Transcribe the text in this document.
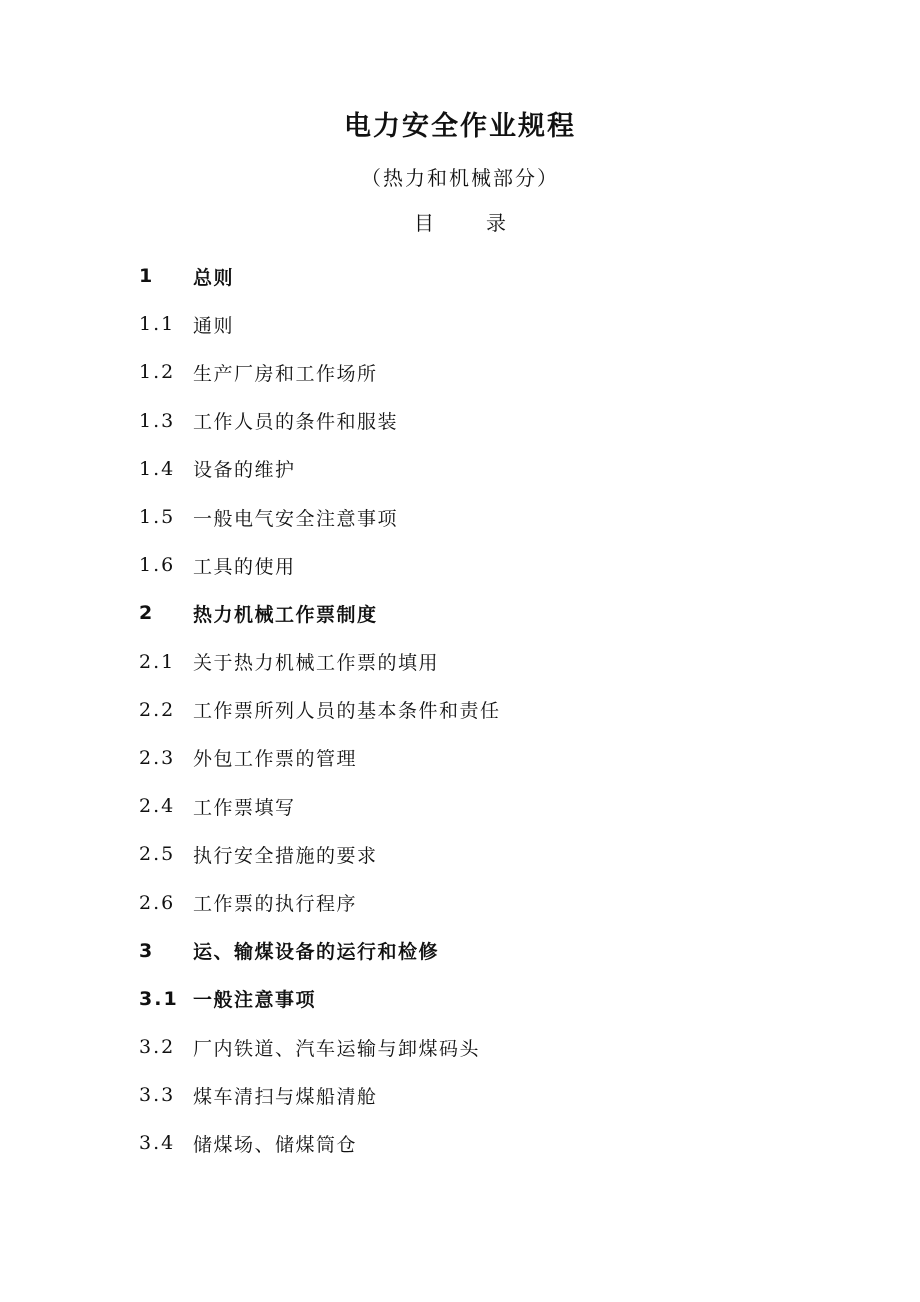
电力安全作业规程
（热力和机械部分）
目	录
1	总则
1.1 通则
1.2 生产厂房和工作场所
1.3 工作人员的条件和服装
1.4 设备的维护
1.5 一般电气安全注意事项
1.6 工具的使用
2	热力机械工作票制度
2.1 关于热力机械工作票的填用
2.2 工作票所列人员的基本条件和责任
2.3 外包工作票的管理
2.4 工作票填写
2.5 执行安全措施的要求
2.6 工作票的执行程序
3	运、输煤设备的运行和检修
3.1 一般注意事项
3.2 厂内铁道、汽车运输与卸煤码头
3.3 煤车清扫与煤船清舱
3.4 储煤场、储煤筒仓
